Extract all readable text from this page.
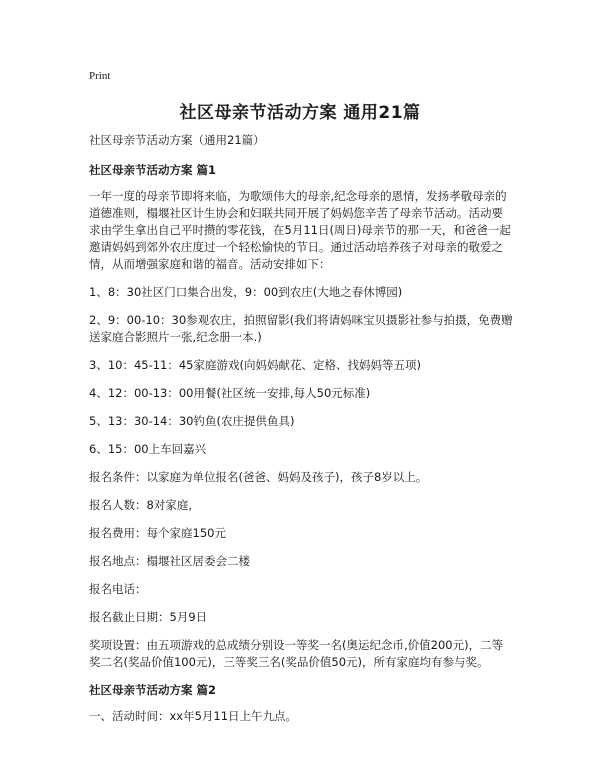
Print
社区母亲节活动方案 通用21篇

社区母亲节活动方案（通用21篇）

社区母亲节活动方案 篇1

一年一度的母亲节即将来临，为歌颂伟大的母亲,纪念母亲的恩情，发扬孝敬母亲的道德准则，榻堰社区计生协会和妇联共同开展了妈妈您辛苦了母亲节活动。活动要求由学生拿出自己平时攒的零花钱，在5月11日(周日)母亲节的那一天，和爸爸一起邀请妈妈到郊外农庄度过一个轻松愉快的节日。通过活动培养孩子对母亲的敬爱之情，从而增强家庭和谐的福音。活动安排如下：

1、8：30社区门口集合出发，9：00到农庄(大地之春休博园)

2、9：00-10：30参观农庄，拍照留影(我们将请妈咪宝贝摄影社参与拍摄，免费赠送家庭合影照片一张,纪念册一本.)

3、10：45-11：45家庭游戏(向妈妈献花、定格、找妈妈等五项)

4、12：00-13：00用餐(社区统一安排,每人50元标准)

5、13：30-14：30钓鱼(农庄提供鱼具)

6、15：00上车回嘉兴

报名条件：以家庭为单位报名(爸爸、妈妈及孩子)，孩子8岁以上。

报名人数：8对家庭,

报名费用：每个家庭150元

报名地点：榻堰社区居委会二楼

报名电话：

报名截止日期：5月9日

奖项设置：由五项游戏的总成绩分别设一等奖一名(奥运纪念币,价值200元)，二等奖二名(奖品价值100元)，三等奖三名(奖品价值50元)，所有家庭均有参与奖。

社区母亲节活动方案 篇2

一、活动时间：xx年5月11日上午九点。
